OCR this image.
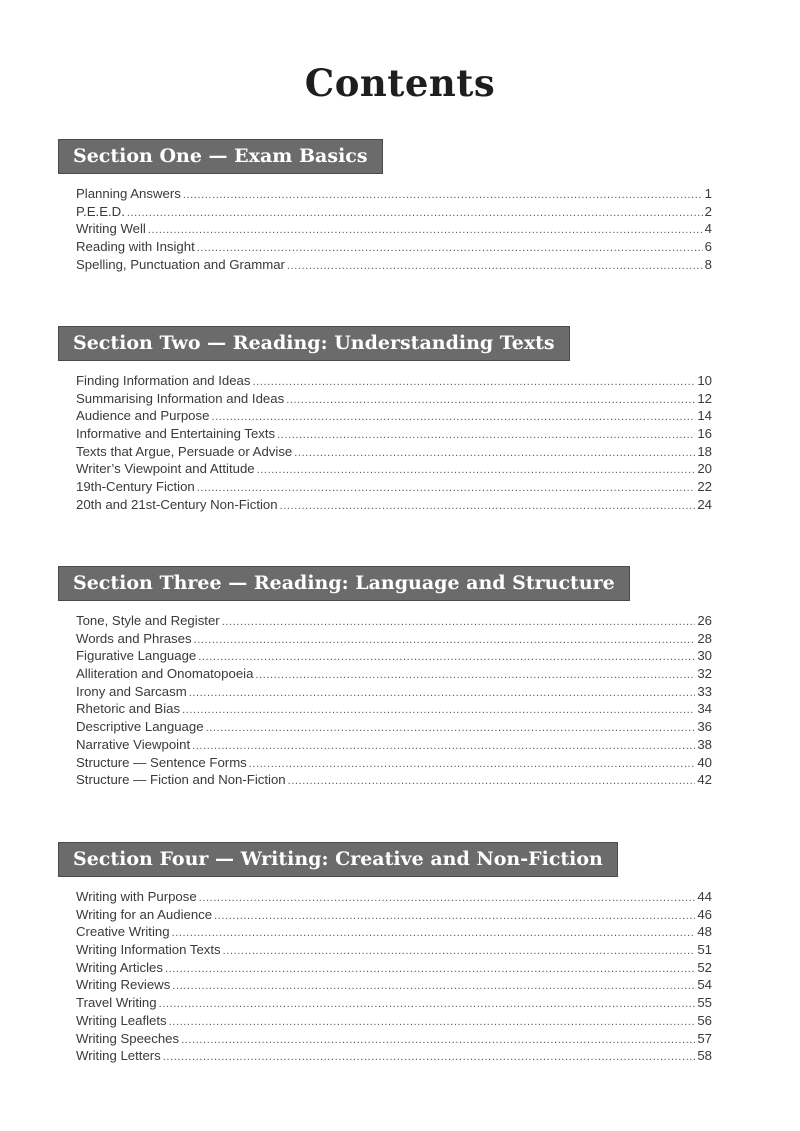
Contents
Section One — Exam Basics
Planning Answers .....	1
P.E.E.D. .....	2
Writing Well .....	4
Reading with Insight .....	6
Spelling, Punctuation and Grammar .....	8
Section Two — Reading: Understanding Texts
Finding Information and Ideas .....	10
Summarising Information and Ideas .....	12
Audience and Purpose .....	14
Informative and Entertaining Texts .....	16
Texts that Argue, Persuade or Advise .....	18
Writer’s Viewpoint and Attitude .....	20
19th-Century Fiction .....	22
20th and 21st-Century Non-Fiction .....	24
Section Three — Reading: Language and Structure
Tone, Style and Register .....	26
Words and Phrases .....	28
Figurative Language .....	30
Alliteration and Onomatopoeia .....	32
Irony and Sarcasm .....	33
Rhetoric and Bias .....	34
Descriptive Language .....	36
Narrative Viewpoint .....	38
Structure — Sentence Forms .....	40
Structure — Fiction and Non-Fiction .....	42
Section Four — Writing: Creative and Non-Fiction
Writing with Purpose .....	44
Writing for an Audience .....	46
Creative Writing .....	48
Writing Information Texts .....	51
Writing Articles .....	52
Writing Reviews .....	54
Travel Writing .....	55
Writing Leaflets .....	56
Writing Speeches .....	57
Writing Letters .....	58
